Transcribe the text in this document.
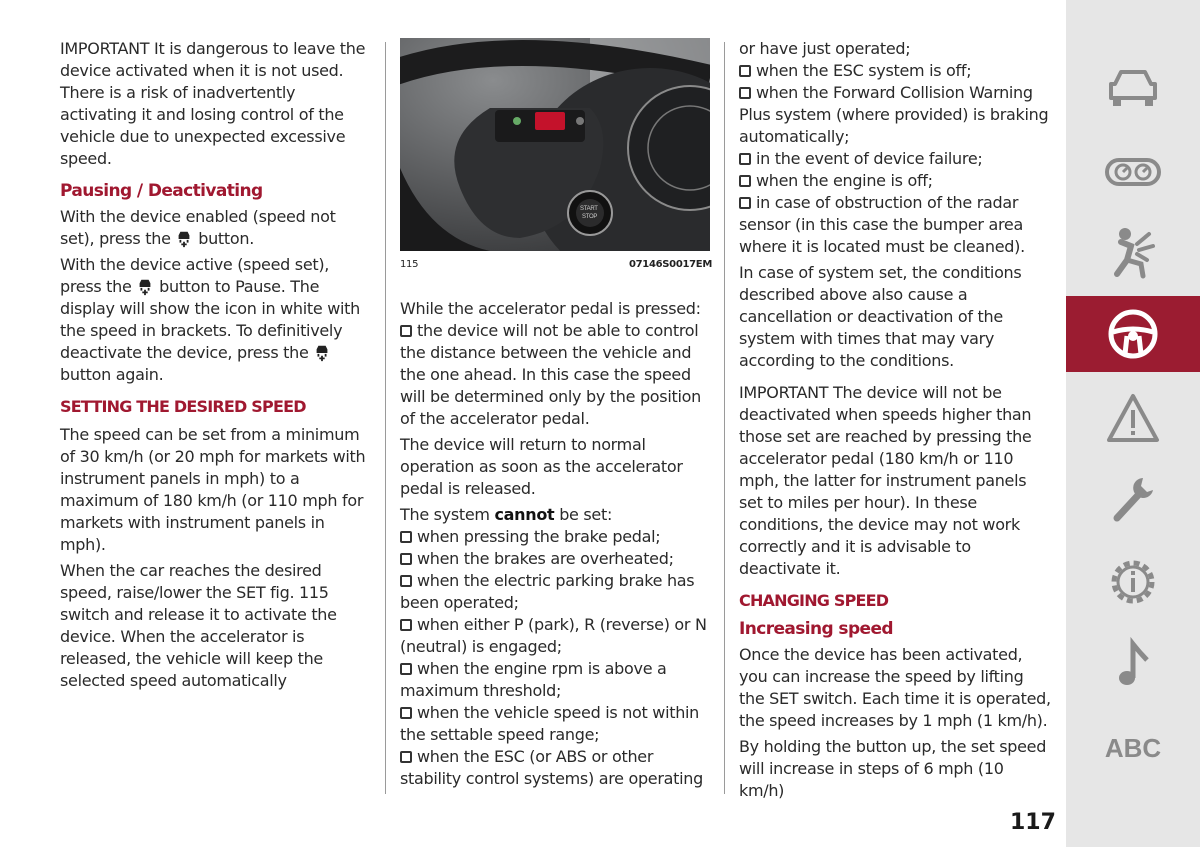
IMPORTANT It is dangerous to leave the device activated when it is not used. There is a risk of inadvertently activating it and losing control of the vehicle due to unexpected excessive speed.

Pausing / Deactivating

With the device enabled (speed not set), press the button.

With the device active (speed set), press the button to Pause. The display will show the icon in white with the speed in brackets. To definitively deactivate the device, press the  button again.

SETTING THE DESIRED SPEED

The speed can be set from a minimum of 30 km/h (or 20 mph for markets with instrument panels in mph) to a maximum of 180 km/h (or 110 mph for markets with instrument panels in mph).

When the car reaches the desired speed, raise/lower the SET fig. 115 switch and release it to activate the device. When the accelerator is released, the vehicle will keep the selected speed automatically

START
STOP
115	07146S0017EM

While the accelerator pedal is pressed:
the device will not be able to control the distance between the vehicle and the one ahead. In this case the speed will be determined only by the position of the accelerator pedal.

The device will return to normal operation as soon as the accelerator pedal is released.

The system cannot be set:
when pressing the brake pedal;
when the brakes are overheated;
when the electric parking brake has been operated;
when either P (park), R (reverse) or N (neutral) is engaged;
when the engine rpm is above a maximum threshold;
when the vehicle speed is not within the settable speed range;
when the ESC (or ABS or other stability control systems) are operating

or have just operated;
when the ESC system is off;
when the Forward Collision Warning Plus system (where provided) is braking automatically;
in the event of device failure;
when the engine is off;
in case of obstruction of the radar sensor (in this case the bumper area where it is located must be cleaned).

In case of system set, the conditions described above also cause a cancellation or deactivation of the system with times that may vary according to the conditions.

IMPORTANT The device will not be deactivated when speeds higher than those set are reached by pressing the accelerator pedal (180 km/h or 110 mph, the latter for instrument panels set to miles per hour). In these conditions, the device may not work correctly and it is advisable to deactivate it.

CHANGING SPEED
Increasing speed

Once the device has been activated, you can increase the speed by lifting the SET switch. Each time it is operated, the speed increases by 1 mph (1 km/h).

By holding the button up, the set speed will increase in steps of 6 mph (10 km/h)

ABC
117
